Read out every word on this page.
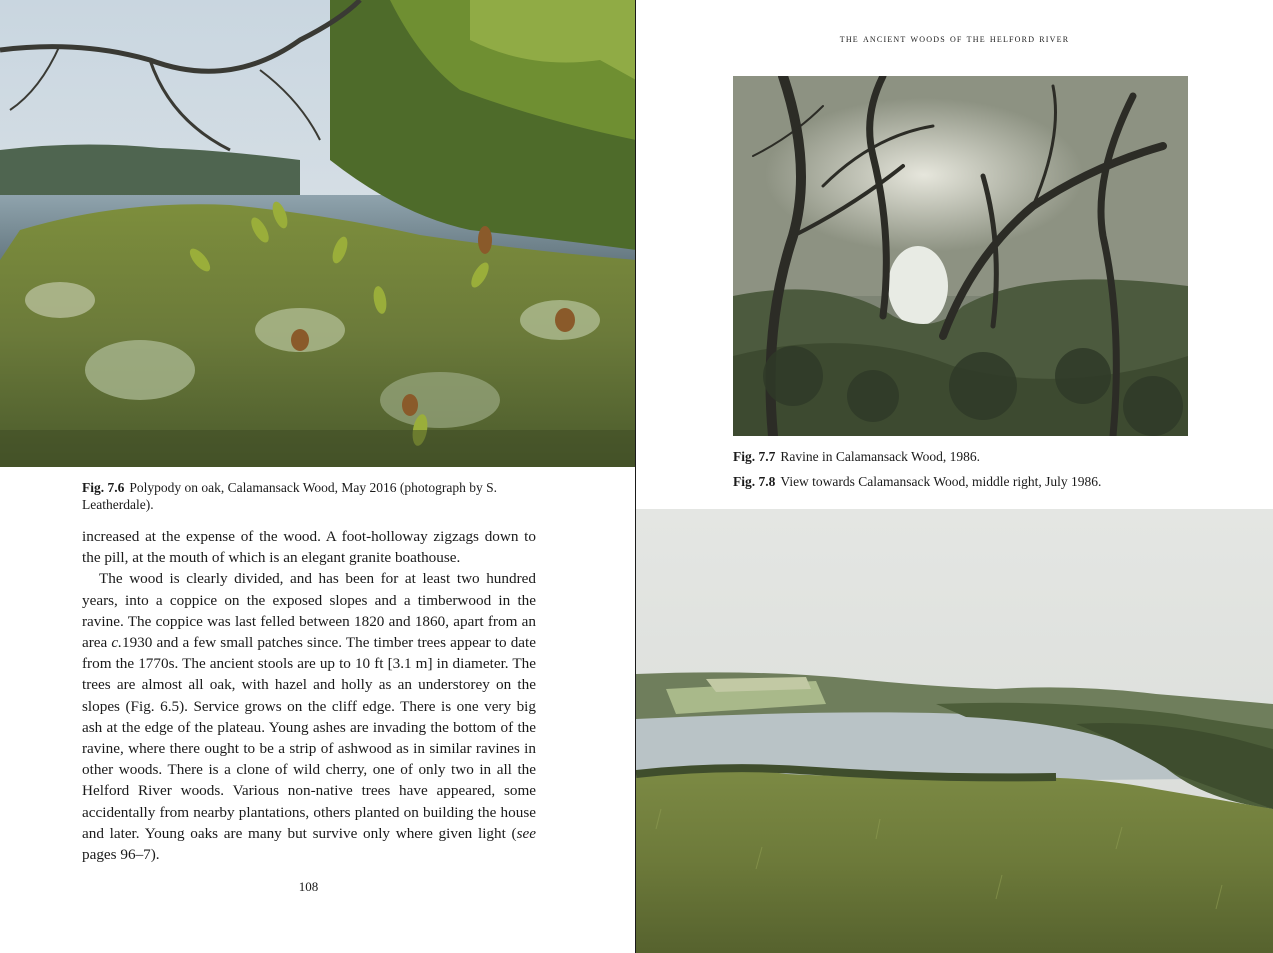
Fig. 7.6 Polypody on oak, Calamansack Wood, May 2016 (photograph by S. Leatherdale).

increased at the expense of the wood. A foot-holloway zigzags down to the pill, at the mouth of which is an elegant granite boathouse.

The wood is clearly divided, and has been for at least two hundred years, into a coppice on the exposed slopes and a timberwood in the ravine. The coppice was last felled between 1820 and 1860, apart from an area c.1930 and a few small patches since. The timber trees appear to date from the 1770s. The ancient stools are up to 10 ft [3.1 m] in diameter. The trees are almost all oak, with hazel and holly as an understorey on the slopes (Fig. 6.5). Service grows on the cliff edge. There is one very big ash at the edge of the plateau. Young ashes are invading the bottom of the ravine, where there ought to be a strip of ashwood as in similar ravines in other woods. There is a clone of wild cherry, one of only two in all the Helford River woods. Various non-native trees have appeared, some accidentally from nearby plantations, others planted on building the house and later. Young oaks are many but survive only where given light (see pages 96–7).

108
the ancient woods of the helford river
Fig. 7.7 Ravine in Calamansack Wood, 1986.
Fig. 7.8 View towards Calamansack Wood, middle right, July 1986.
